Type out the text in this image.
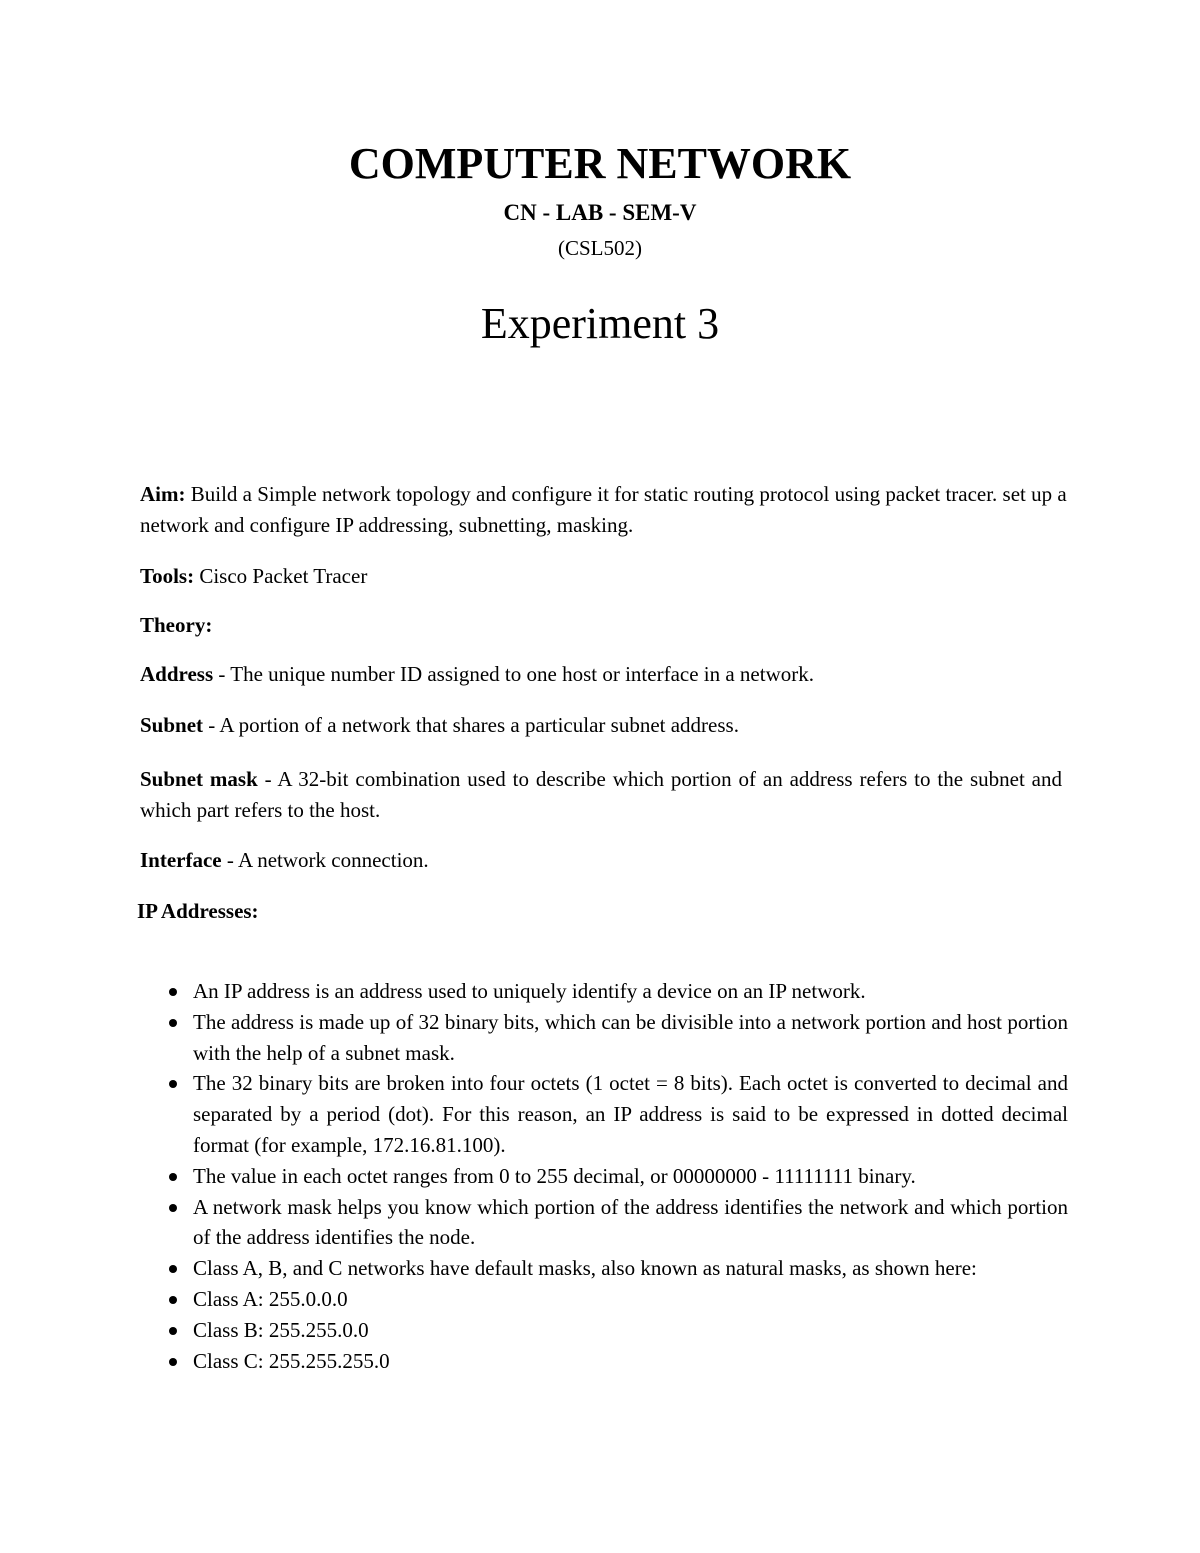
COMPUTER NETWORK
CN - LAB - SEM-V
(CSL502)
Experiment 3
Aim: Build a Simple network topology and configure it for static routing protocol using packet tracer. set up a network and configure IP addressing, subnetting, masking.
Tools: Cisco Packet Tracer
Theory:
Address - The unique number ID assigned to one host or interface in a network.
Subnet - A portion of a network that shares a particular subnet address.
Subnet mask - A 32-bit combination used to describe which portion of an address refers to the subnet and which part refers to the host.
Interface - A network connection.
IP Addresses:
An IP address is an address used to uniquely identify a device on an IP network.
The address is made up of 32 binary bits, which can be divisible into a network portion and host portion with the help of a subnet mask.
The 32 binary bits are broken into four octets (1 octet = 8 bits). Each octet is converted to decimal and separated by a period (dot). For this reason, an IP address is said to be expressed in dotted decimal format (for example, 172.16.81.100).
The value in each octet ranges from 0 to 255 decimal, or 00000000 - 11111111 binary.
A network mask helps you know which portion of the address identifies the network and which portion of the address identifies the node.
Class A, B, and C networks have default masks, also known as natural masks, as shown here:
Class A: 255.0.0.0
Class B: 255.255.0.0
Class C: 255.255.255.0
